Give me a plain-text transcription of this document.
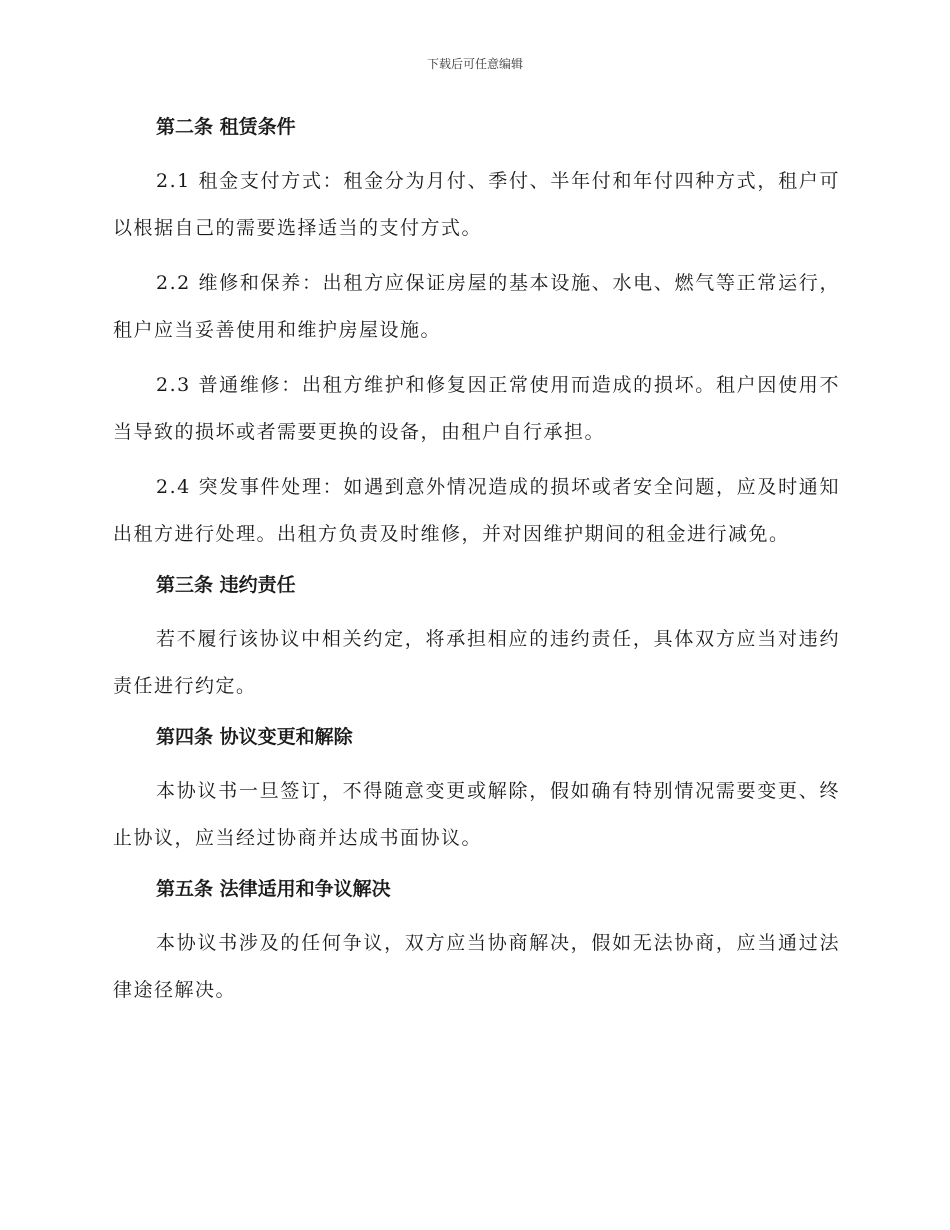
下载后可任意编辑
第二条 租赁条件

2.1 租金支付方式：租金分为月付、季付、半年付和年付四种方式，租户可以根据自己的需要选择适当的支付方式。

2.2 维修和保养：出租方应保证房屋的基本设施、水电、燃气等正常运行，租户应当妥善使用和维护房屋设施。

2.3 普通维修：出租方维护和修复因正常使用而造成的损坏。租户因使用不当导致的损坏或者需要更换的设备，由租户自行承担。

2.4 突发事件处理：如遇到意外情况造成的损坏或者安全问题，应及时通知出租方进行处理。出租方负责及时维修，并对因维护期间的租金进行减免。

第三条 违约责任

若不履行该协议中相关约定，将承担相应的违约责任，具体双方应当对违约责任进行约定。

第四条 协议变更和解除

本协议书一旦签订，不得随意变更或解除，假如确有特别情况需要变更、终止协议，应当经过协商并达成书面协议。

第五条 法律适用和争议解决

本协议书涉及的任何争议，双方应当协商解决，假如无法协商，应当通过法律途径解决。
